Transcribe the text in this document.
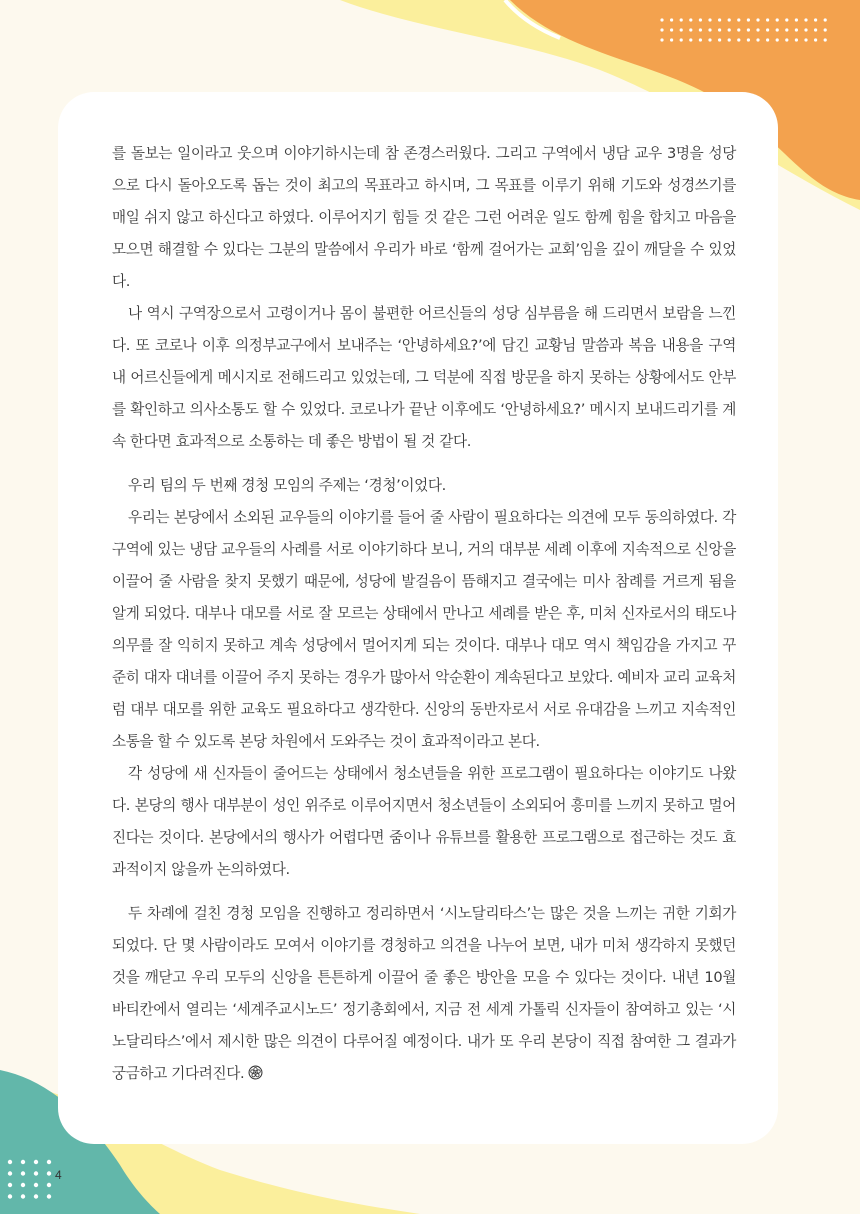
를 돌보는 일이라고 웃으며 이야기하시는데 참 존경스러웠다. 그리고 구역에서 냉담 교우 3명을 성당으로 다시 돌아오도록 돕는 것이 최고의 목표라고 하시며, 그 목표를 이루기 위해 기도와 성경쓰기를 매일 쉬지 않고 하신다고 하였다. 이루어지기 힘들 것 같은 그런 어려운 일도 함께 힘을 합치고 마음을 모으면 해결할 수 있다는 그분의 말씀에서 우리가 바로 ‘함께 걸어가는 교회’임을 깊이 깨달을 수 있었다.

나 역시 구역장으로서 고령이거나 몸이 불편한 어르신들의 성당 심부름을 해 드리면서 보람을 느낀다. 또 코로나 이후 의정부교구에서 보내주는 ‘안녕하세요?’에 담긴 교황님 말씀과 복음 내용을 구역 내 어르신들에게 메시지로 전해드리고 있었는데, 그 덕분에 직접 방문을 하지 못하는 상황에서도 안부를 확인하고 의사소통도 할 수 있었다. 코로나가 끝난 이후에도 ‘안녕하세요?’ 메시지 보내드리기를 계속 한다면 효과적으로 소통하는 데 좋은 방법이 될 것 같다.

우리 팀의 두 번째 경청 모임의 주제는 ‘경청’이었다.

우리는 본당에서 소외된 교우들의 이야기를 들어 줄 사람이 필요하다는 의견에 모두 동의하였다. 각 구역에 있는 냉담 교우들의 사례를 서로 이야기하다 보니, 거의 대부분 세례 이후에 지속적으로 신앙을 이끌어 줄 사람을 찾지 못했기 때문에, 성당에 발걸음이 뜸해지고 결국에는 미사 참례를 거르게 됨을 알게 되었다. 대부나 대모를 서로 잘 모르는 상태에서 만나고 세례를 받은 후, 미처 신자로서의 태도나 의무를 잘 익히지 못하고 계속 성당에서 멀어지게 되는 것이다. 대부나 대모 역시 책임감을 가지고 꾸준히 대자 대녀를 이끌어 주지 못하는 경우가 많아서 악순환이 계속된다고 보았다. 예비자 교리 교육처럼 대부 대모를 위한 교육도 필요하다고 생각한다. 신앙의 동반자로서 서로 유대감을 느끼고 지속적인 소통을 할 수 있도록 본당 차원에서 도와주는 것이 효과적이라고 본다.

각 성당에 새 신자들이 줄어드는 상태에서 청소년들을 위한 프로그램이 필요하다는 이야기도 나왔다. 본당의 행사 대부분이 성인 위주로 이루어지면서 청소년들이 소외되어 흥미를 느끼지 못하고 멀어진다는 것이다. 본당에서의 행사가 어렵다면 줌이나 유튜브를 활용한 프로그램으로 접근하는 것도 효과적이지 않을까 논의하였다.

두 차례에 걸친 경청 모임을 진행하고 정리하면서 ‘시노달리타스’는 많은 것을 느끼는 귀한 기회가 되었다. 단 몇 사람이라도 모여서 이야기를 경청하고 의견을 나누어 보면, 내가 미처 생각하지 못했던 것을 깨닫고 우리 모두의 신앙을 튼튼하게 이끌어 줄 좋은 방안을 모을 수 있다는 것이다. 내년 10월 바티칸에서 열리는 ‘세계주교시노드’ 정기총회에서, 지금 전 세계 가톨릭 신자들이 참여하고 있는 ‘시노달리타스’에서 제시한 많은 의견이 다루어질 예정이다. 내가 또 우리 본당이 직접 참여한 그 결과가 궁금하고 기다려진다.

4
